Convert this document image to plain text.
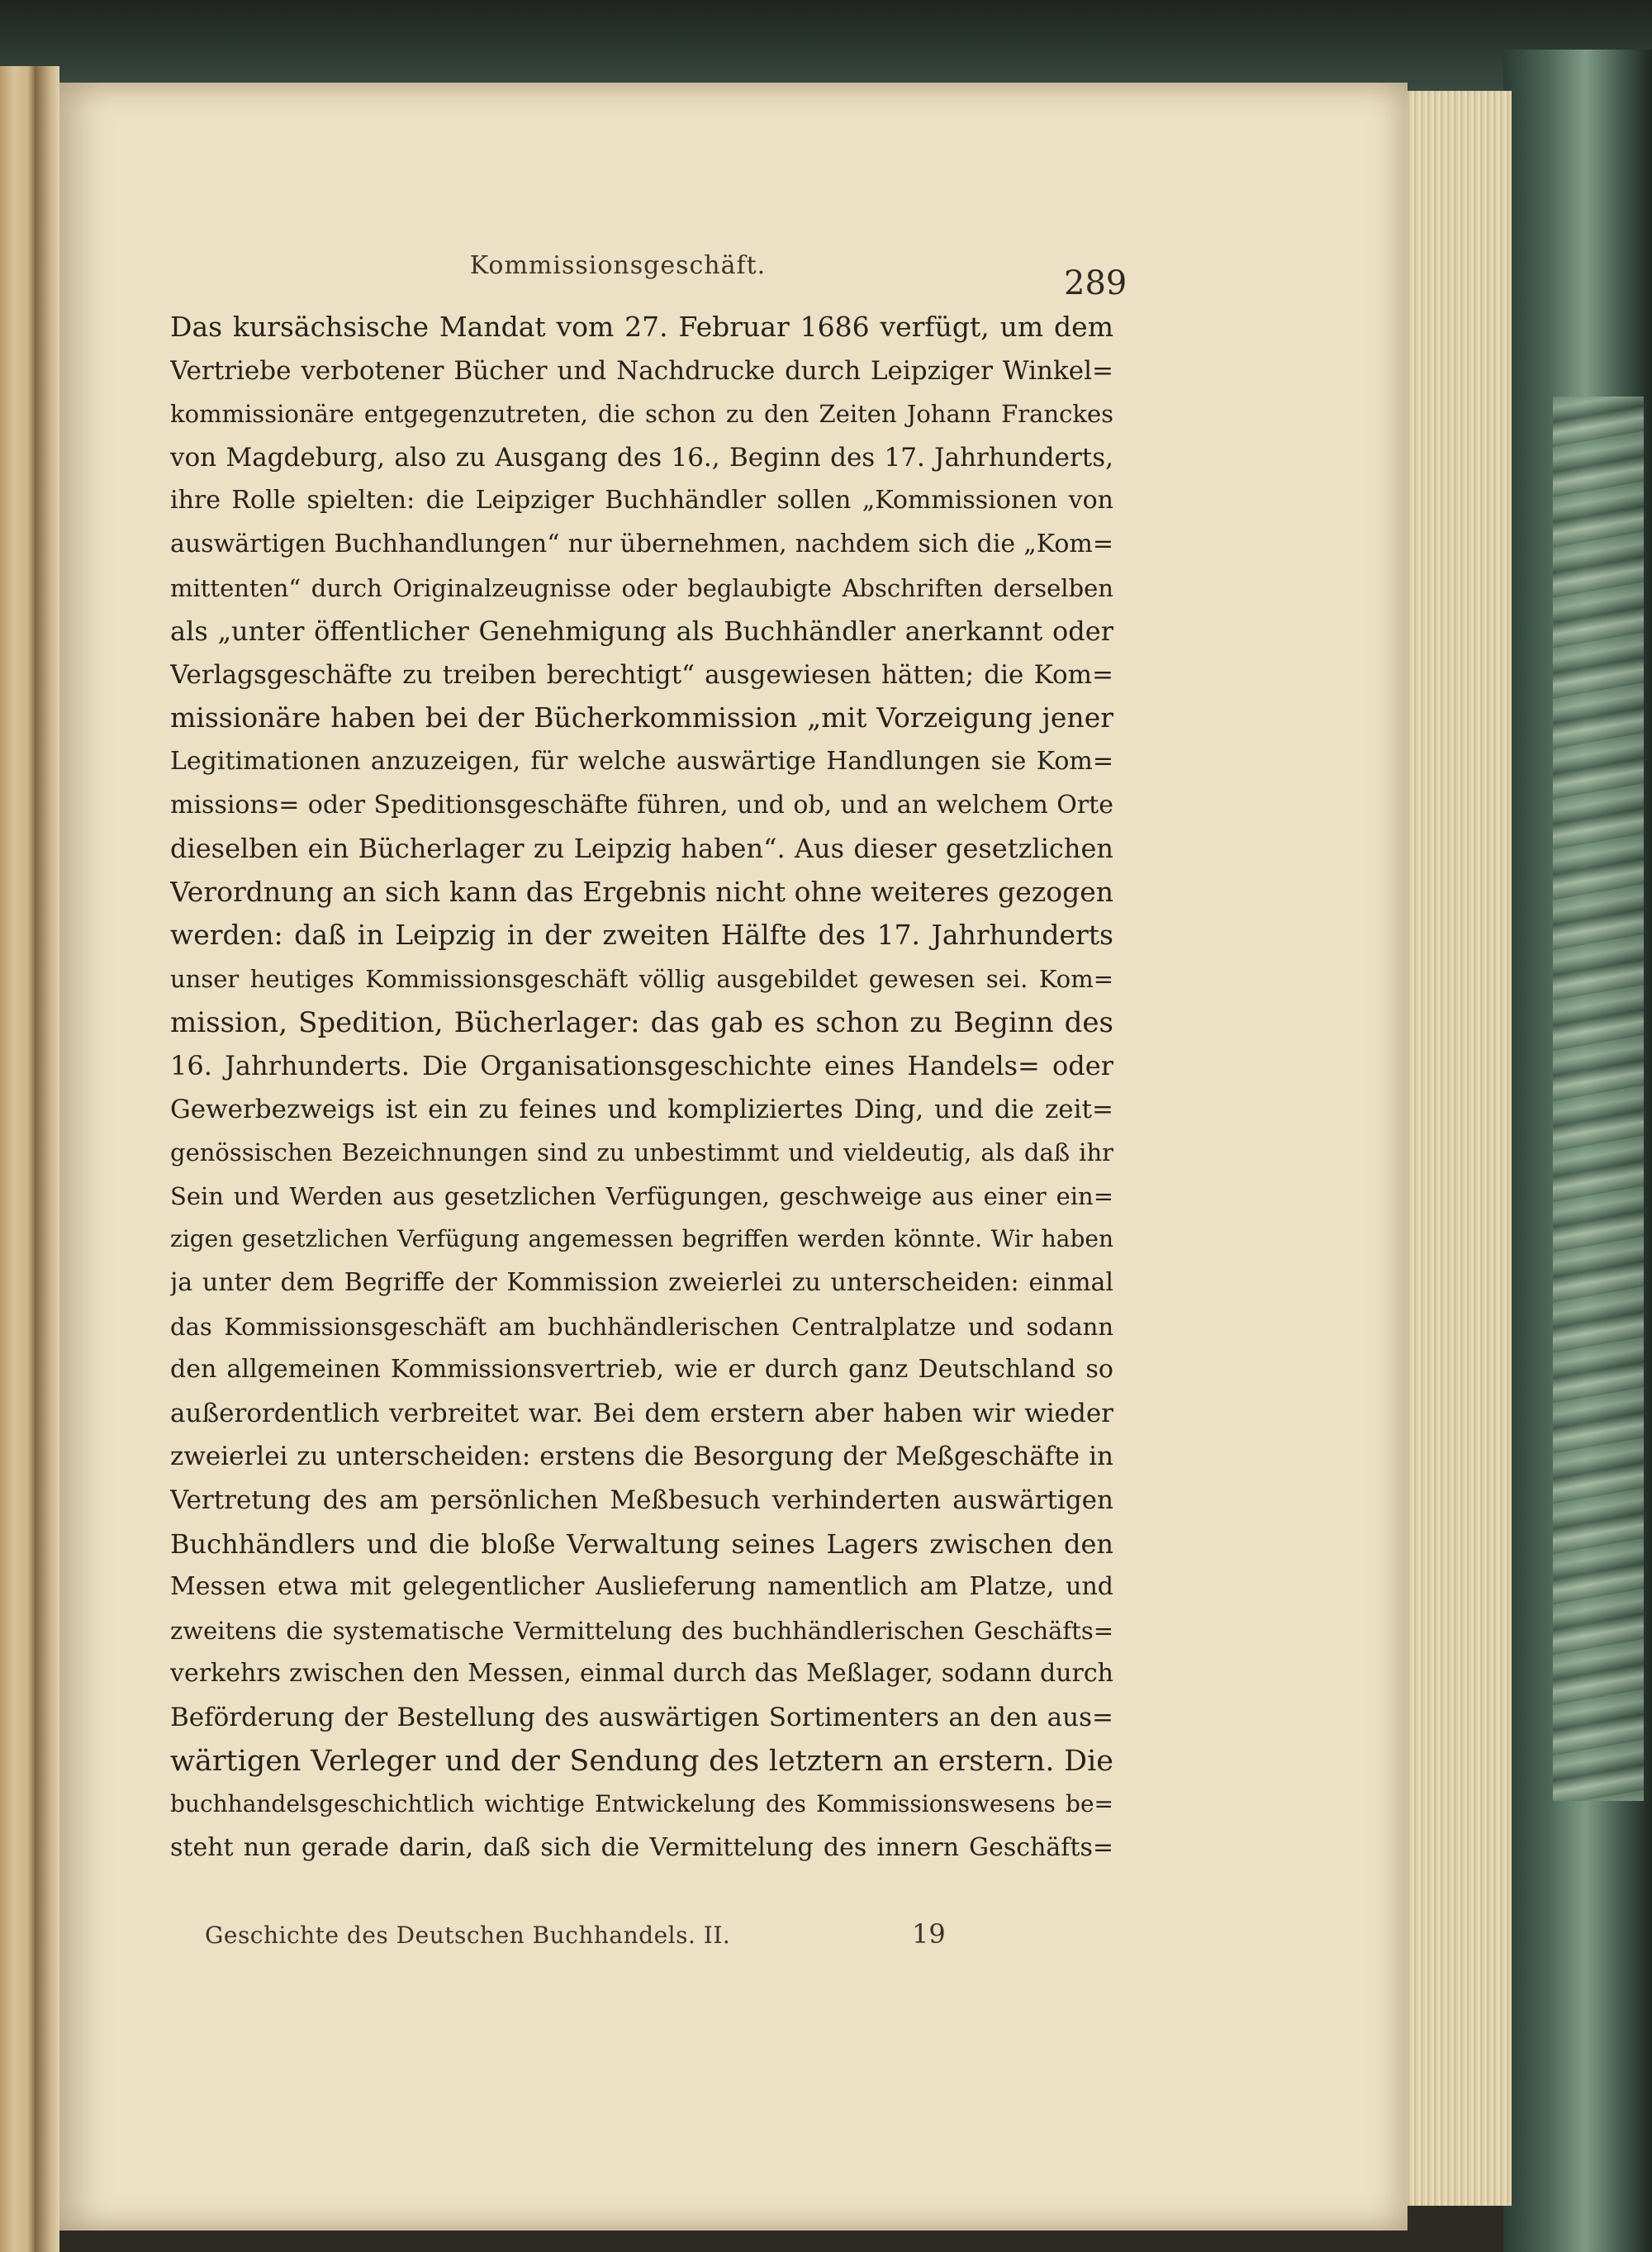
Kommissionsgeschäft.	289
Das kursächsische Mandat vom 27. Februar 1686 verfügt, um dem
Vertriebe verbotener Bücher und Nachdrucke durch Leipziger Winkel=
kommissionäre entgegenzutreten, die schon zu den Zeiten Johann Franckes
von Magdeburg, also zu Ausgang des 16., Beginn des 17. Jahrhunderts,
ihre Rolle spielten: die Leipziger Buchhändler sollen „Kommissionen von
auswärtigen Buchhandlungen“ nur übernehmen, nachdem sich die „Kom=
mittenten“ durch Originalzeugnisse oder beglaubigte Abschriften derselben
als „unter öffentlicher Genehmigung als Buchhändler anerkannt oder
Verlagsgeschäfte zu treiben berechtigt“ ausgewiesen hätten; die Kom=
missionäre haben bei der Bücherkommission „mit Vorzeigung jener
Legitimationen anzuzeigen, für welche auswärtige Handlungen sie Kom=
missions= oder Speditionsgeschäfte führen, und ob, und an welchem Orte
dieselben ein Bücherlager zu Leipzig haben“. Aus dieser gesetzlichen
Verordnung an sich kann das Ergebnis nicht ohne weiteres gezogen
werden: daß in Leipzig in der zweiten Hälfte des 17. Jahrhunderts
unser heutiges Kommissionsgeschäft völlig ausgebildet gewesen sei. Kom=
mission, Spedition, Bücherlager: das gab es schon zu Beginn des
16. Jahrhunderts. Die Organisationsgeschichte eines Handels= oder
Gewerbezweigs ist ein zu feines und kompliziertes Ding, und die zeit=
genössischen Bezeichnungen sind zu unbestimmt und vieldeutig, als daß ihr
Sein und Werden aus gesetzlichen Verfügungen, geschweige aus einer ein=
zigen gesetzlichen Verfügung angemessen begriffen werden könnte. Wir haben
ja unter dem Begriffe der Kommission zweierlei zu unterscheiden: einmal
das Kommissionsgeschäft am buchhändlerischen Centralplatze und sodann
den allgemeinen Kommissionsvertrieb, wie er durch ganz Deutschland so
außerordentlich verbreitet war. Bei dem erstern aber haben wir wieder
zweierlei zu unterscheiden: erstens die Besorgung der Meßgeschäfte in
Vertretung des am persönlichen Meßbesuch verhinderten auswärtigen
Buchhändlers und die bloße Verwaltung seines Lagers zwischen den
Messen etwa mit gelegentlicher Auslieferung namentlich am Platze, und
zweitens die systematische Vermittelung des buchhändlerischen Geschäfts=
verkehrs zwischen den Messen, einmal durch das Meßlager, sodann durch
Beförderung der Bestellung des auswärtigen Sortimenters an den aus=
wärtigen Verleger und der Sendung des letztern an erstern. Die
buchhandelsgeschichtlich wichtige Entwickelung des Kommissionswesens be=
steht nun gerade darin, daß sich die Vermittelung des innern Geschäfts=
Geschichte des Deutschen Buchhandels. II.	19
